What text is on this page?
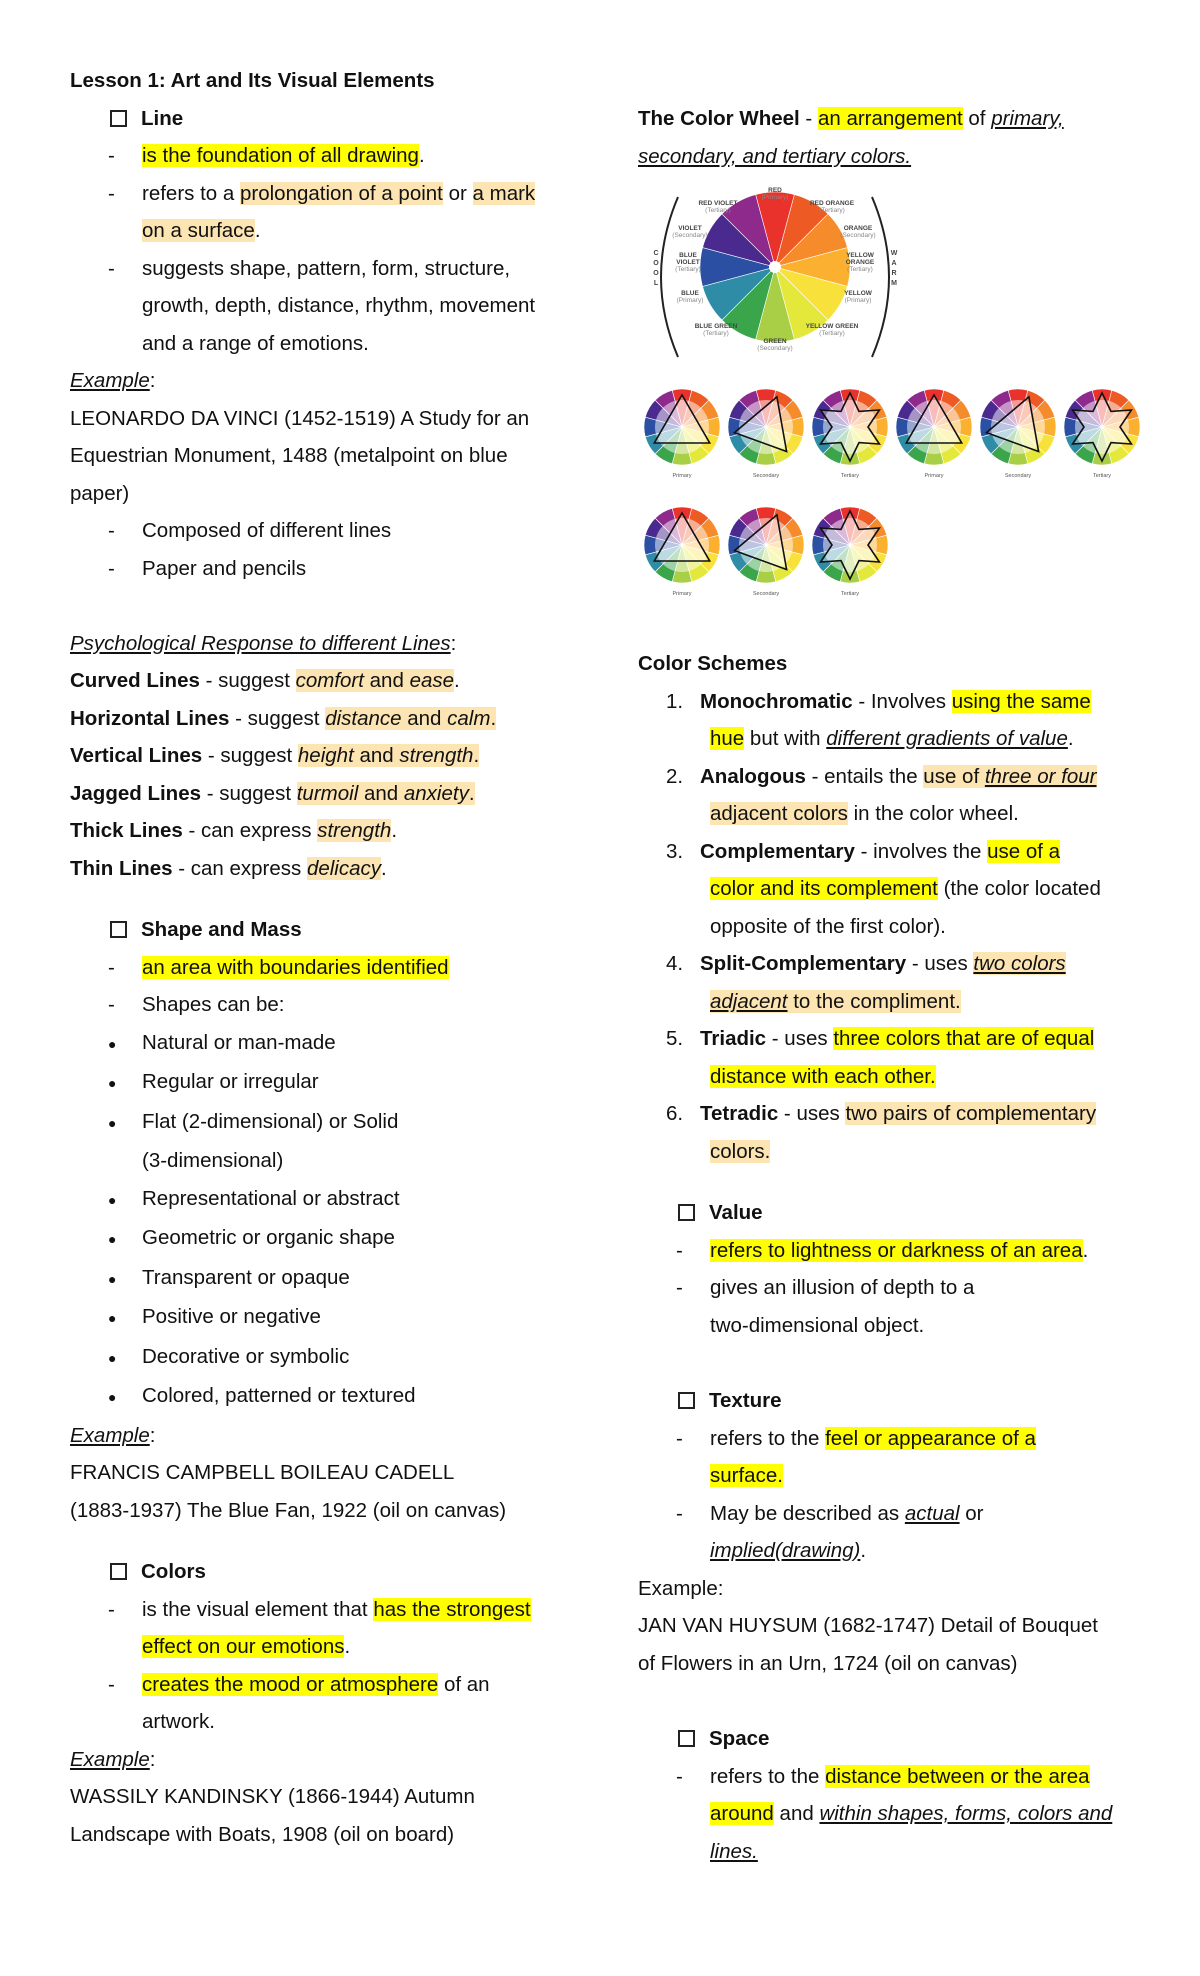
Lesson 1: Art and Its Visual Elements
Line
- is the foundation of all drawing.
- refers to a prolongation of a point or a mark
on a surface.
- suggests shape, pattern, form, structure,
growth, depth, distance, rhythm, movement
and a range of emotions.
Example:
LEONARDO DA VINCI (1452-1519) A Study for an
Equestrian Monument, 1488 (metalpoint on blue
paper)
- Composed of different lines
- Paper and pencils
Psychological Response to different Lines:
Curved Lines - suggest comfort and ease.
Horizontal Lines - suggest distance and calm.
Vertical Lines - suggest height and strength.
Jagged Lines - suggest turmoil and anxiety.
Thick Lines - can express strength.
Thin Lines - can express delicacy.
Shape and Mass
- an area with boundaries identified
- Shapes can be:
● Natural or man-made
● Regular or irregular
● Flat (2-dimensional) or Solid
(3-dimensional)
● Representational or abstract
● Geometric or organic shape
● Transparent or opaque
● Positive or negative
● Decorative or symbolic
● Colored, patterned or textured
Example:
FRANCIS CAMPBELL BOILEAU CADELL
(1883-1937) The Blue Fan, 1922 (oil on canvas)
Colors
- is the visual element that has the strongest
effect on our emotions.
- creates the mood or atmosphere of an
artwork.
Example:
WASSILY KANDINSKY (1866-1944) Autumn
Landscape with Boats, 1908 (oil on board)
The Color Wheel - an arrangement of primary,
secondary, and tertiary colors.
RED
(Primary)
RED VIOLET
(Tertiary)
RED ORANGE
(Tertiary)
VIOLET
(Secondary)
ORANGE
(Secondary)
BLUE
VIOLET
(Tertiary)
YELLOW
ORANGE
(Tertiary)
BLUE
(Primary)
YELLOW
(Primary)
BLUE GREEN
(Tertiary)
YELLOW GREEN
(Tertiary)
GREEN
(Secondary)
C
O
O
L
W
A
R
M
Primary	Secondary	Tertiary	Primary	Secondary	Tertiary
Primary	Secondary	Tertiary
Color Schemes
1. Monochromatic - Involves using the same
hue but with different gradients of value.
2. Analogous - entails the use of three or four
adjacent colors in the color wheel.
3. Complementary - involves the use of a
color and its complement (the color located
opposite of the first color).
4. Split-Complementary - uses two colors
adjacent to the compliment.
5. Triadic - uses three colors that are of equal
distance with each other.
6. Tetradic - uses two pairs of complementary
colors.
Value
- refers to lightness or darkness of an area.
- gives an illusion of depth to a
two-dimensional object.
Texture
- refers to the feel or appearance of a
surface.
- May be described as actual or
implied(drawing).
Example:
JAN VAN HUYSUM (1682-1747) Detail of Bouquet
of Flowers in an Urn, 1724 (oil on canvas)
Space
- refers to the distance between or the area
around and within shapes, forms, colors and
lines.
